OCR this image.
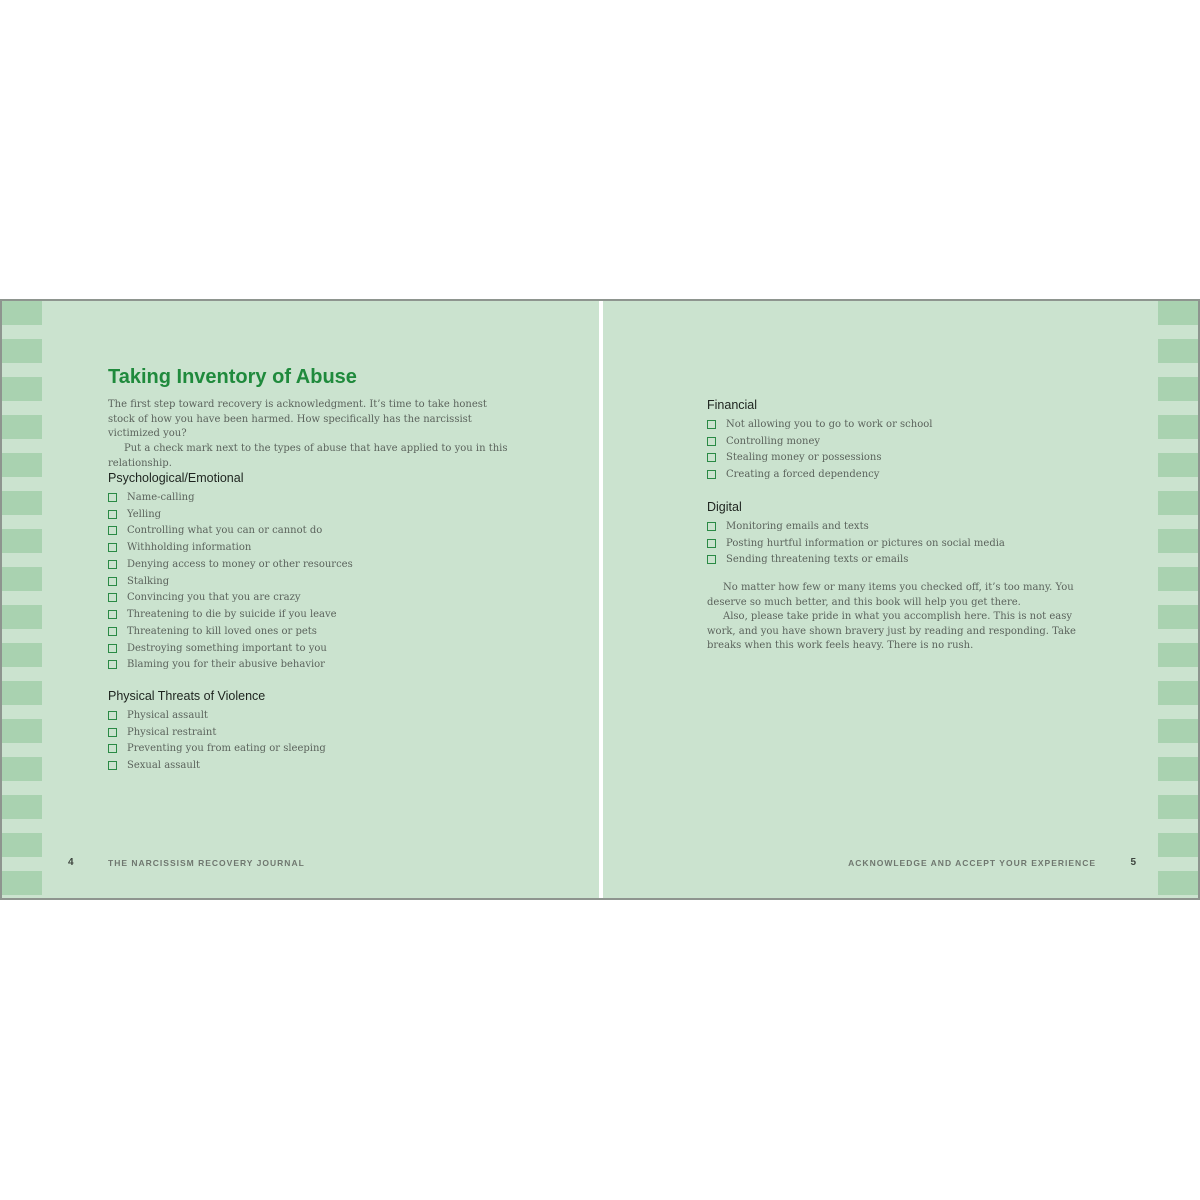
Taking Inventory of Abuse

The first step toward recovery is acknowledgment. It’s time to take honest stock of how you have been harmed. How specifically has the narcissist victimized you?

Put a check mark next to the types of abuse that have applied to you in this relationship.

Psychological/Emotional
Name-calling
Yelling
Controlling what you can or cannot do
Withholding information
Denying access to money or other resources
Stalking
Convincing you that you are crazy
Threatening to die by suicide if you leave
Threatening to kill loved ones or pets
Destroying something important to you
Blaming you for their abusive behavior
Physical Threats of Violence
Physical assault
Physical restraint
Preventing you from eating or sleeping
Sexual assault
4	THE NARCISSISM RECOVERY JOURNAL
Financial
Not allowing you to go to work or school
Controlling money
Stealing money or possessions
Creating a forced dependency
Digital
Monitoring emails and texts
Posting hurtful information or pictures on social media
Sending threatening texts or emails

No matter how few or many items you checked off, it’s too many. You deserve so much better, and this book will help you get there.

Also, please take pride in what you accomplish here. This is not easy work, and you have shown bravery just by reading and responding. Take breaks when this work feels heavy. There is no rush.

ACKNOWLEDGE AND ACCEPT YOUR EXPERIENCE	5
